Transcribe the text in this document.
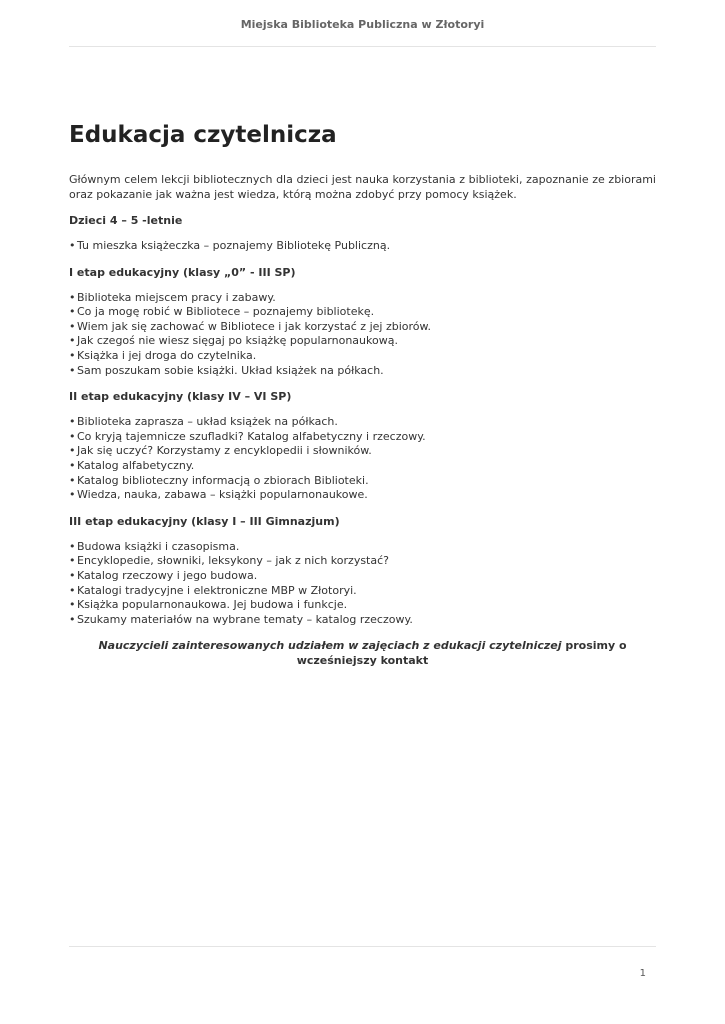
Miejska Biblioteka Publiczna w Złotoryi
Edukacja czytelnicza

Głównym celem lekcji bibliotecznych dla dzieci jest nauka korzystania z biblioteki, zapoznanie ze zbiorami oraz pokazanie jak ważna jest wiedza, którą można zdobyć przy pomocy książek.

Dzieci 4 – 5 -letnie
• Tu mieszka książeczka – poznajemy Bibliotekę Publiczną.
I etap edukacyjny (klasy „0” - III SP)
• Biblioteka miejscem pracy i zabawy.
• Co ja mogę robić w Bibliotece – poznajemy bibliotekę.
• Wiem jak się zachować w Bibliotece i jak korzystać z jej zbiorów.
• Jak czegoś nie wiesz sięgaj po książkę popularnonaukową.
• Książka i jej droga do czytelnika.
• Sam poszukam sobie książki. Układ książek na półkach.
II etap edukacyjny (klasy IV – VI SP)
• Biblioteka zaprasza – układ książek na półkach.
• Co kryją tajemnicze szufladki? Katalog alfabetyczny i rzeczowy.
• Jak się uczyć? Korzystamy z encyklopedii i słowników.
• Katalog alfabetyczny.
• Katalog biblioteczny informacją o zbiorach Biblioteki.
• Wiedza, nauka, zabawa – książki popularnonaukowe.
III etap edukacyjny (klasy I – III Gimnazjum)
• Budowa książki i czasopisma.
• Encyklopedie, słowniki, leksykony – jak z nich korzystać?
• Katalog rzeczowy i jego budowa.
• Katalogi tradycyjne i elektroniczne MBP w Złotoryi.
• Książka popularnonaukowa. Jej budowa i funkcje.
• Szukamy materiałów na wybrane tematy – katalog rzeczowy.

Nauczycieli zainteresowanych udziałem w zajęciach z edukacji czytelniczej prosimy o wcześniejszy kontakt

1
